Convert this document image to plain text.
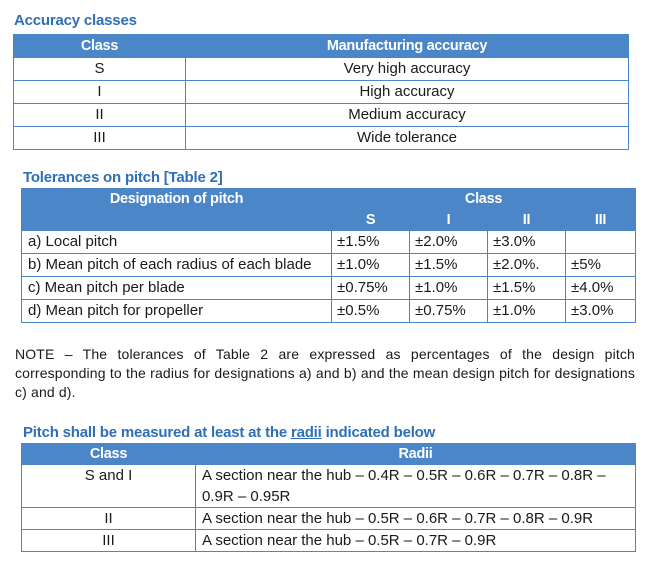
Accuracy classes
Class	Manufacturing accuracy
S	Very high accuracy
I	High accuracy
II	Medium accuracy
III	Wide tolerance
Tolerances on pitch [Table 2]
Designation of pitch	Class			
	S	I	II	III
a) Local pitch	±1.5%	±2.0%	±3.0%	
b) Mean pitch of each radius of each blade	±1.0%	±1.5%	±2.0%.	±5%
c) Mean pitch per blade	±0.75%	±1.0%	±1.5%	±4.0%
d) Mean pitch for propeller	±0.5%	±0.75%	±1.0%	±3.0%
NOTE – The tolerances of Table 2 are expressed as percentages of the design pitch corresponding to the radius for designations a) and b) and the mean design pitch for designations c) and d).
Pitch shall be measured at least at the radii indicated below
Class	Radii
S and I	A section near the hub – 0.4R – 0.5R – 0.6R – 0.7R – 0.8R – 0.9R – 0.95R
II	A section near the hub – 0.5R – 0.6R – 0.7R – 0.8R – 0.9R
III	A section near the hub – 0.5R – 0.7R – 0.9R
